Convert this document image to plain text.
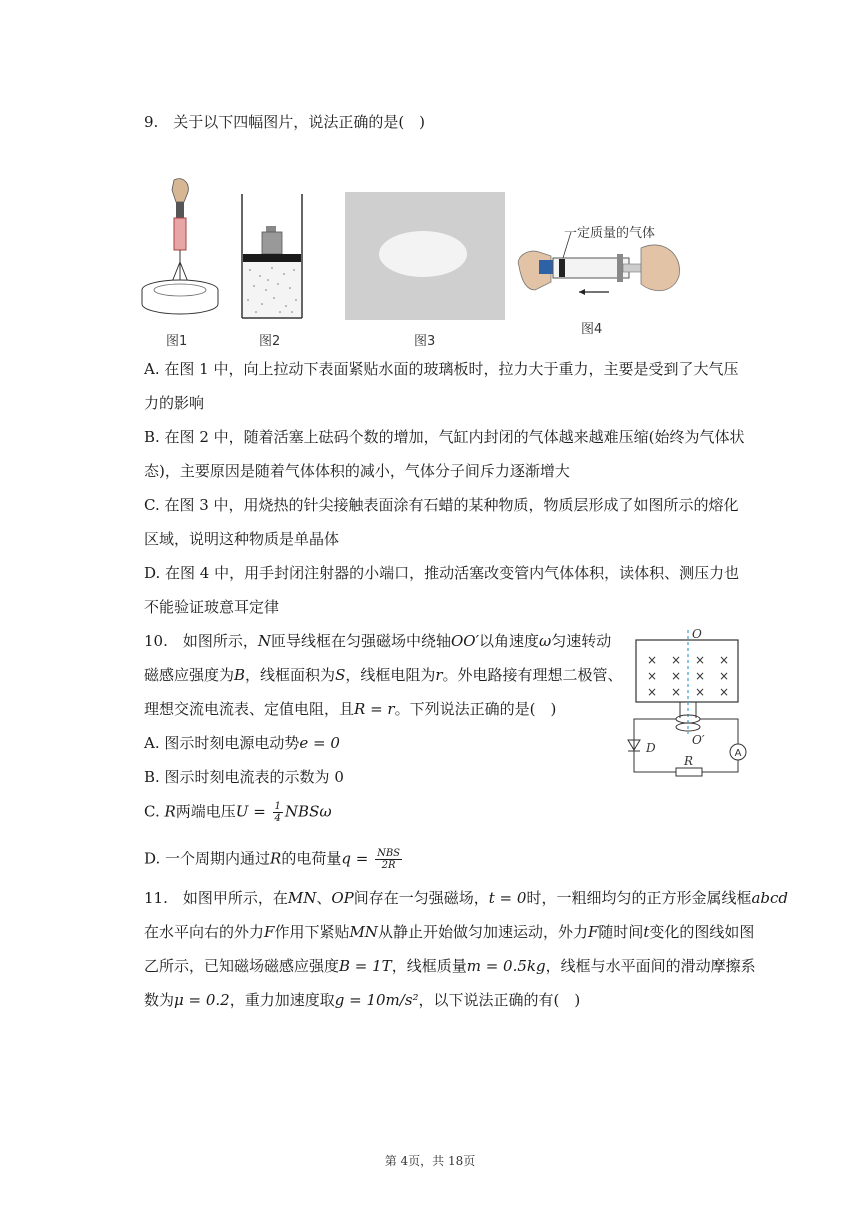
9.　关于以下四幅图片，说法正确的是(　)
图1	图2	图3
一定质量的气体
图4
A. 在图 1 中，向上拉动下表面紧贴水面的玻璃板时，拉力大于重力，主要是受到了大气压
力的影响
B. 在图 2 中，随着活塞上砝码个数的增加，气缸内封闭的气体越来越难压缩(始终为气体状
态)，主要原因是随着气体体积的减小，气体分子间斥力逐渐增大
C. 在图 3 中，用烧热的针尖接触表面涂有石蜡的某种物质，物质层形成了如图所示的熔化
区域，说明这种物质是单晶体
D. 在图 4 中，用手封闭注射器的小端口，推动活塞改变管内气体体积，读体积、测压力也
不能验证玻意耳定律
10.　如图所示，N匝导线框在匀强磁场中绕轴OO′以角速度ω匀速转动
磁感应强度为B，线框面积为S，线框电阻为r。外电路接有理想二极管、
理想交流电流表、定值电阻，且R = r。下列说法正确的是(　)
A. 图示时刻电源电动势e = 0
B. 图示时刻电流表的示数为 0
C. R两端电压$U = \frac{1}{4}$ NBSω
D. 一个周期内通过R的电荷量$q = \frac{\text{NBS}}{2R}$
× × × ×
× × × ×
× × × ×
O
O′
D
R
A
11.　如图甲所示，在MN、OP间存在一匀强磁场，t = 0时，一粗细均匀的正方形金属线框abcd
在水平向右的外力F作用下紧贴MN从静止开始做匀加速运动，外力F随时间t变化的图线如图
乙所示，已知磁场磁感应强度B = 1T，线框质量m = 0.5kg，线框与水平面间的滑动摩擦系
数为μ = 0.2，重力加速度取g = 10m/s²，以下说法正确的有(　)
第 4页，共 18页
